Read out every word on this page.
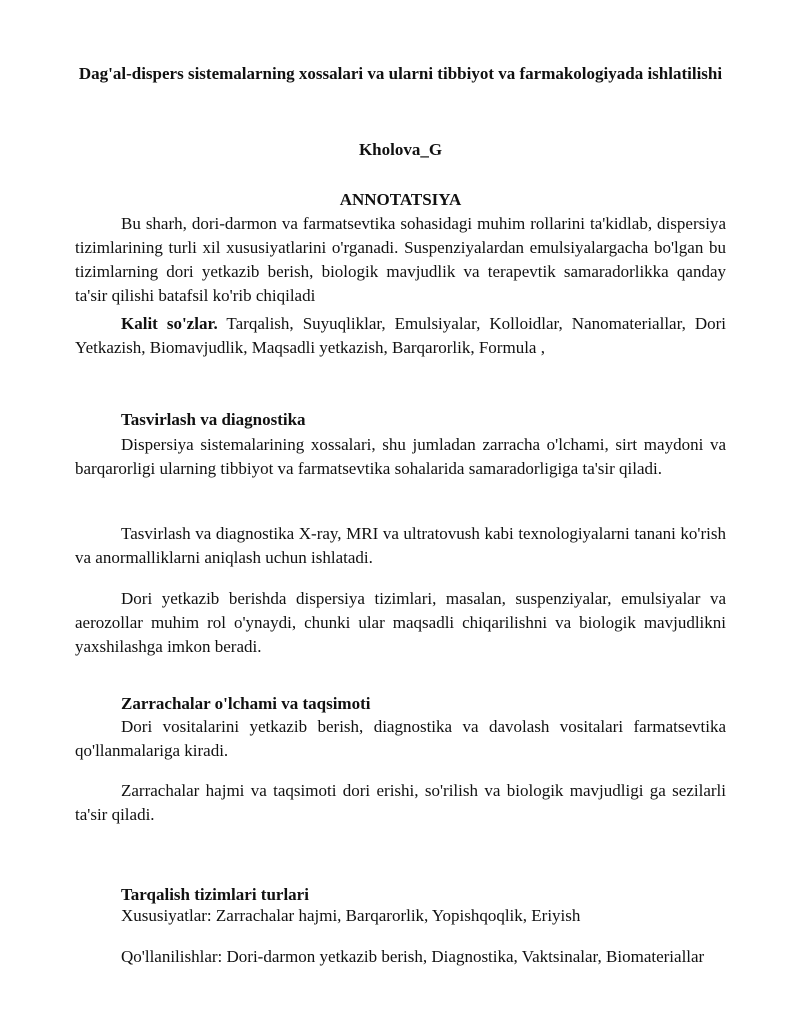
Dag'al-dispers sistemalarning xossalari va ularni tibbiyot va farmakologiyada ishlatilishi
Kholova_G
ANNOTATSIYA

Bu sharh, dori-darmon va farmatsevtika sohasidagi muhim rollarini ta'kidlab, dispersiya tizimlarining turli xil xususiyatlarini o'rganadi. Suspenziyalardan emulsiyalargacha bo'lgan bu tizimlarning dori yetkazib berish, biologik mavjudlik va terapevtik samaradorlikka qanday ta'sir qilishi batafsil ko'rib chiqiladi

Kalit so'zlar. Tarqalish, Suyuqliklar, Emulsiyalar, Kolloidlar, Nanomateriallar, Dori Yetkazish, Biomavjudlik, Maqsadli yetkazish, Barqarorlik, Formula ,

Tasvirlash va diagnostika

Dispersiya sistemalarining xossalari, shu jumladan zarracha o'lchami, sirt maydoni va barqarorligi ularning tibbiyot va farmatsevtika sohalarida samaradorligiga ta'sir qiladi.

Tasvirlash va diagnostika X-ray, MRI va ultratovush kabi texnologiyalarni tanani ko'rish va anormalliklarni aniqlash uchun ishlatadi.

Dori yetkazib berishda dispersiya tizimlari, masalan, suspenziyalar, emulsiyalar va aerozollar muhim rol o'ynaydi, chunki ular maqsadli chiqarilishni va biologik mavjudlikni yaxshilashga imkon beradi.

Zarrachalar o'lchami va taqsimoti

Dori vositalarini yetkazib berish, diagnostika va davolash vositalari farmatsevtika qo'llanmalariga kiradi.

Zarrachalar hajmi va taqsimoti dori erishi, so'rilish va biologik mavjudligi ga sezilarli ta'sir qiladi.

Tarqalish tizimlari turlari

Xususiyatlar: Zarrachalar hajmi, Barqarorlik, Yopishqoqlik, Eriyish

Qo'llanilishlar: Dori-darmon yetkazib berish, Diagnostika, Vaktsinalar, Biomateriallar
